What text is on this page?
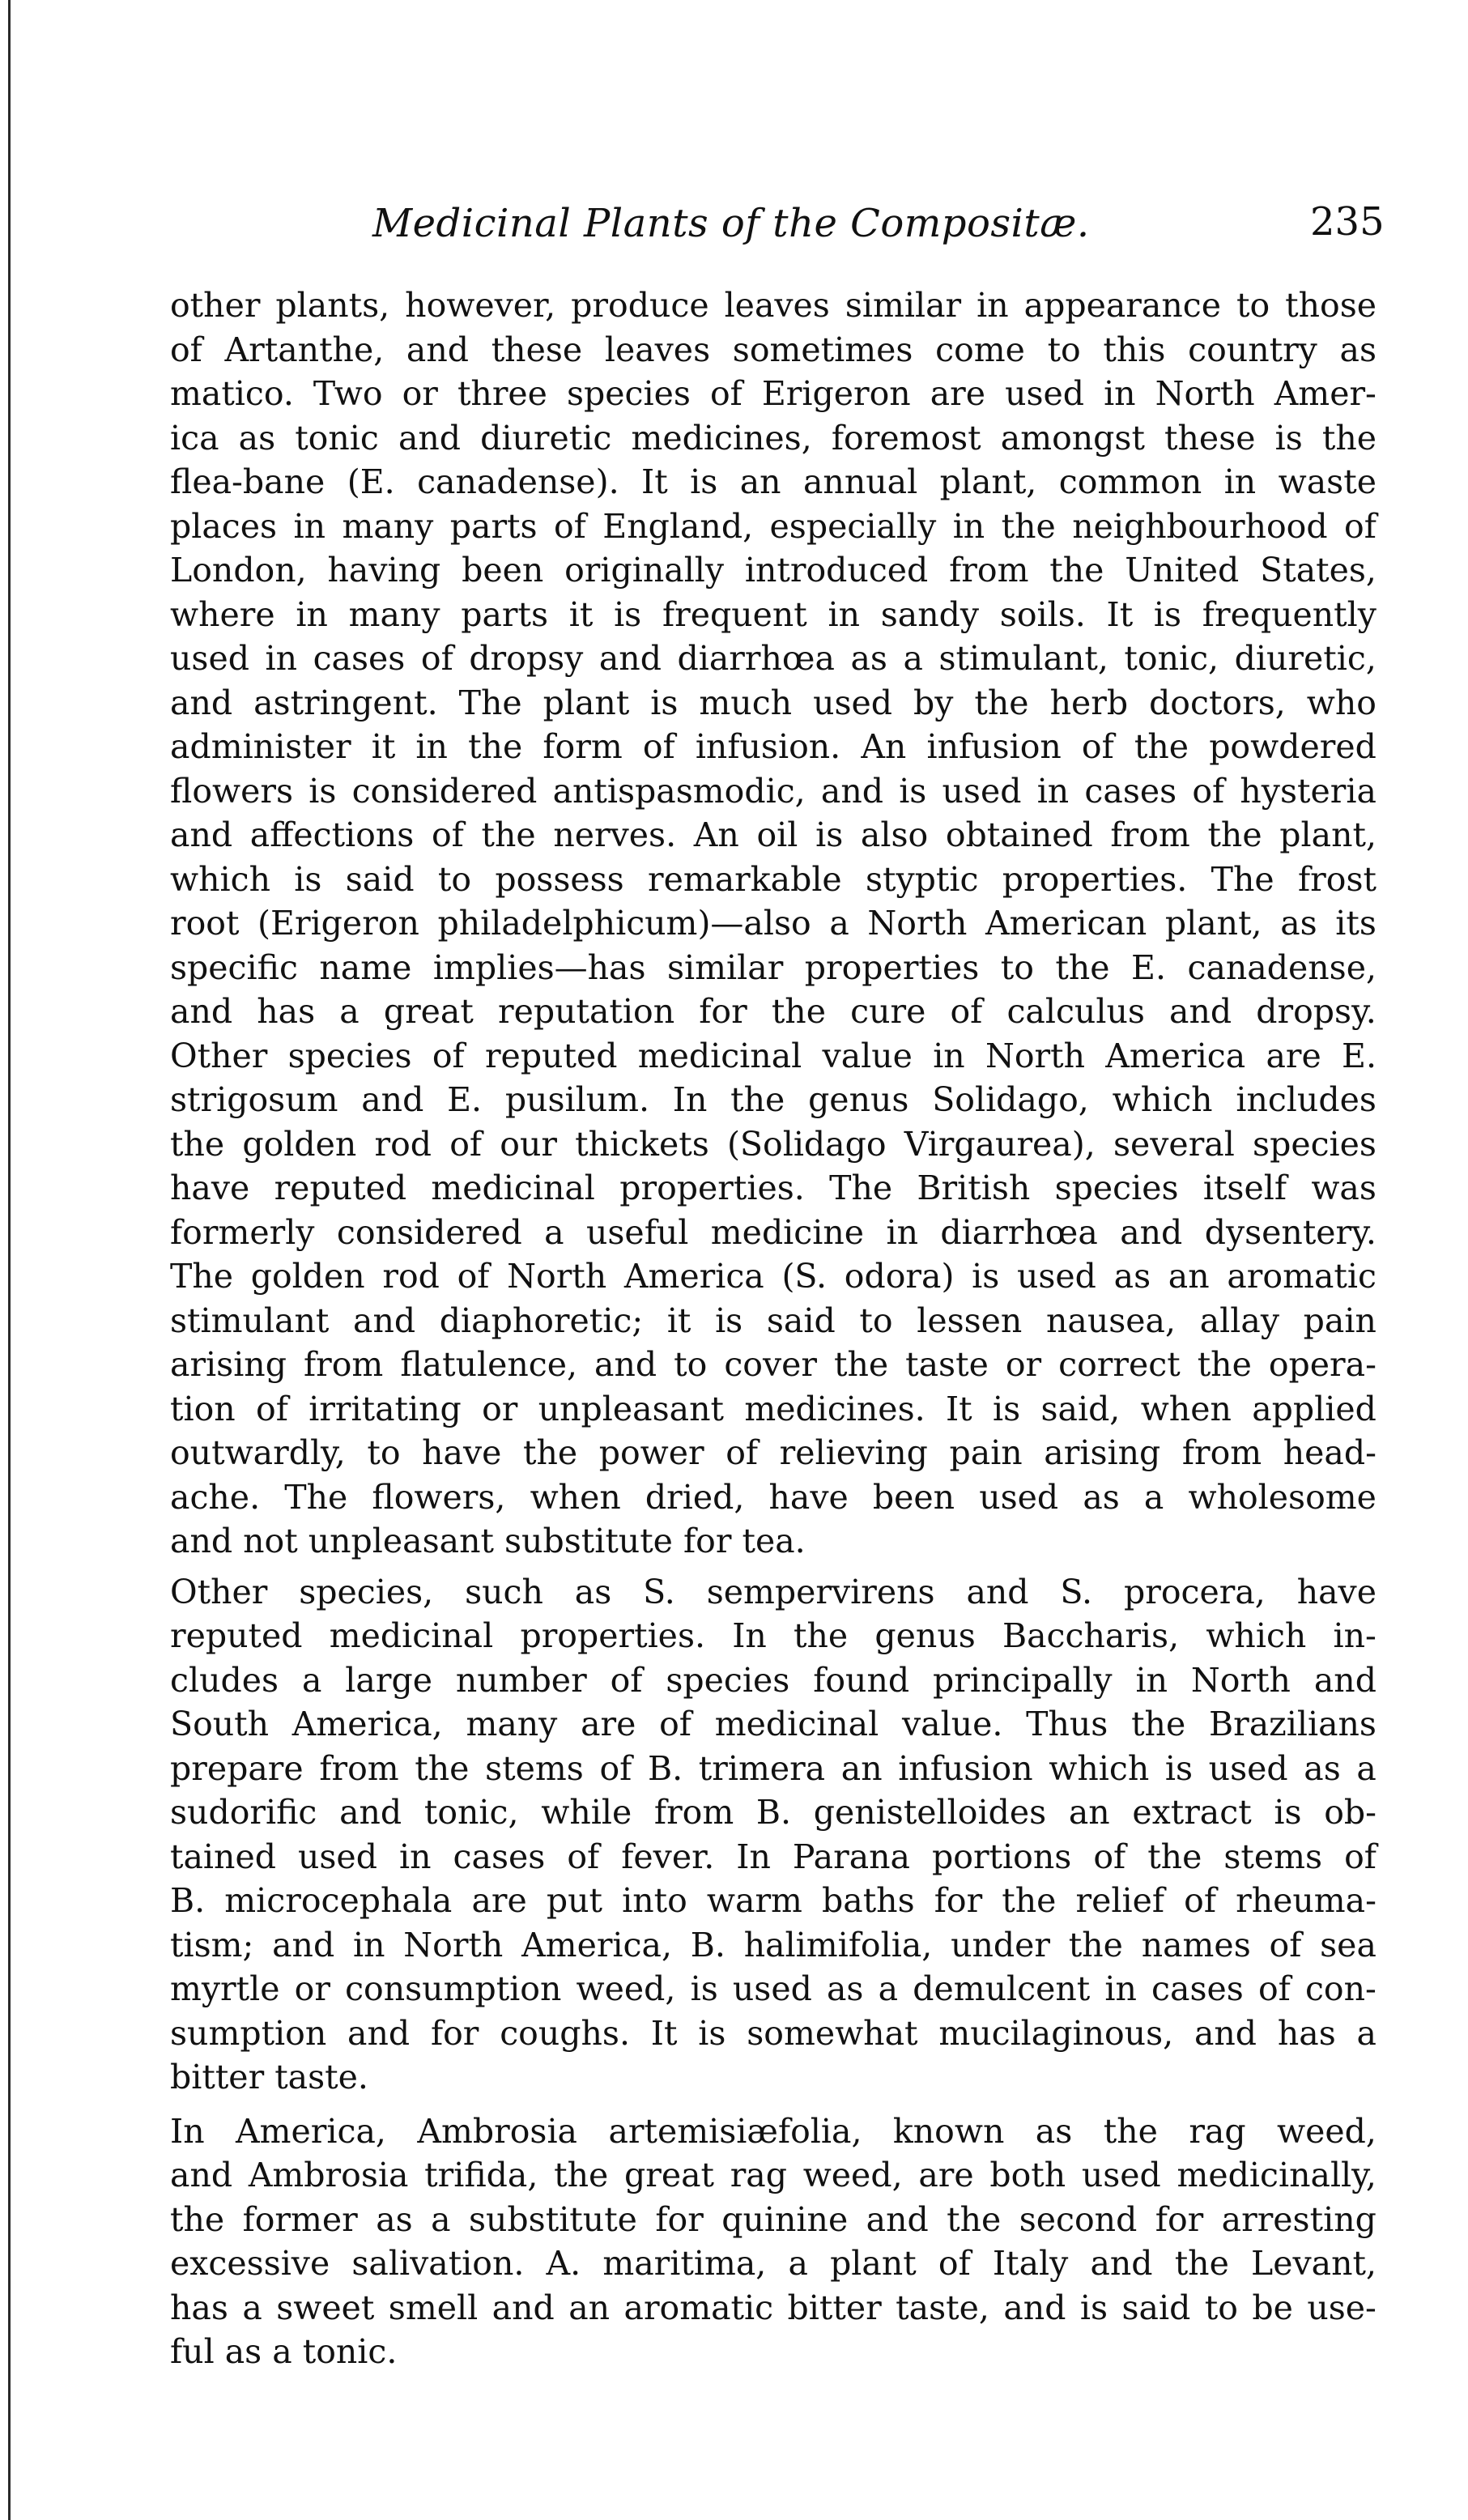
Medicinal Plants of the Compositæ.	235
other plants, however, produce leaves similar in appearance to those
of Artanthe, and these leaves sometimes come to this country as
matico. Two or three species of Erigeron are used in North Amer-
ica as tonic and diuretic medicines, foremost amongst these is the
flea-bane (E. canadense). It is an annual plant, common in waste
places in many parts of England, especially in the neighbourhood of
London, having been originally introduced from the United States,
where in many parts it is frequent in sandy soils. It is frequently
used in cases of dropsy and diarrhœa as a stimulant, tonic, diuretic,
and astringent. The plant is much used by the herb doctors, who
administer it in the form of infusion. An infusion of the powdered
flowers is considered antispasmodic, and is used in cases of hysteria
and affections of the nerves. An oil is also obtained from the plant,
which is said to possess remarkable styptic properties. The frost
root (Erigeron philadelphicum)—also a North American plant, as its
specific name implies—has similar properties to the E. canadense,
and has a great reputation for the cure of calculus and dropsy.
Other species of reputed medicinal value in North America are E.
strigosum and E. pusilum. In the genus Solidago, which includes
the golden rod of our thickets (Solidago Virgaurea), several species
have reputed medicinal properties. The British species itself was
formerly considered a useful medicine in diarrhœa and dysentery.
The golden rod of North America (S. odora) is used as an aromatic
stimulant and diaphoretic; it is said to lessen nausea, allay pain
arising from flatulence, and to cover the taste or correct the opera-
tion of irritating or unpleasant medicines. It is said, when applied
outwardly, to have the power of relieving pain arising from head-
ache. The flowers, when dried, have been used as a wholesome
and not unpleasant substitute for tea.
Other species, such as S. sempervirens and S. procera, have
reputed medicinal properties. In the genus Baccharis, which in-
cludes a large number of species found principally in North and
South America, many are of medicinal value. Thus the Brazilians
prepare from the stems of B. trimera an infusion which is used as a
sudorific and tonic, while from B. genistelloides an extract is ob-
tained used in cases of fever. In Parana portions of the stems of
B. microcephala are put into warm baths for the relief of rheuma-
tism; and in North America, B. halimifolia, under the names of sea
myrtle or consumption weed, is used as a demulcent in cases of con-
sumption and for coughs. It is somewhat mucilaginous, and has a
bitter taste.
In America, Ambrosia artemisiæfolia, known as the rag weed,
and Ambrosia trifida, the great rag weed, are both used medicinally,
the former as a substitute for quinine and the second for arresting
excessive salivation. A. maritima, a plant of Italy and the Levant,
has a sweet smell and an aromatic bitter taste, and is said to be use-
ful as a tonic.
